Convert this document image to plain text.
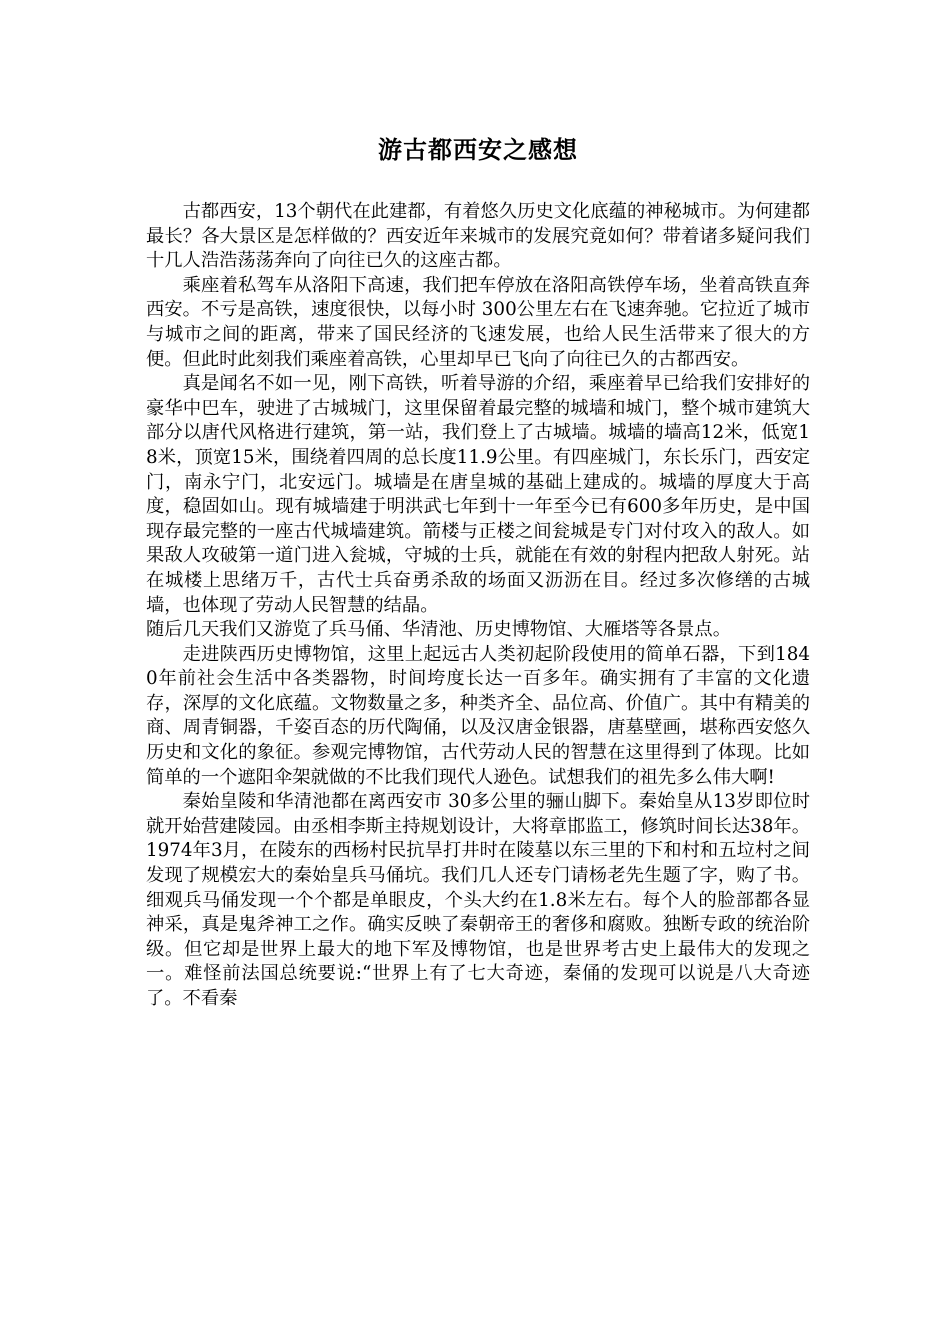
游古都西安之感想

古都西安，13个朝代在此建都，有着悠久历史文化底蕴的神秘城市。为何建都最长？各大景区是怎样做的？西安近年来城市的发展究竟如何？带着诸多疑问我们十几人浩浩荡荡奔向了向往已久的这座古都。

乘座着私驾车从洛阳下高速，我们把车停放在洛阳高铁停车场，坐着高铁直奔西安。不亏是高铁，速度很快，以每小时 300公里左右在飞速奔驰。它拉近了城市与城市之间的距离，带来了国民经济的飞速发展，也给人民生活带来了很大的方便。但此时此刻我们乘座着高铁，心里却早已飞向了向往已久的古都西安。

真是闻名不如一见，刚下高铁，听着导游的介绍，乘座着早已给我们安排好的豪华中巴车，驶进了古城城门，这里保留着最完整的城墙和城门，整个城市建筑大部分以唐代风格进行建筑，第一站，我们登上了古城墙。城墙的墙高12米，低宽18米，顶宽15米，围绕着四周的总长度11.9公里。有四座城门，东长乐门，西安定门，南永宁门，北安远门。城墙是在唐皇城的基础上建成的。城墙的厚度大于高度，稳固如山。现有城墙建于明洪武七年到十一年至今已有600多年历史，是中国现存最完整的一座古代城墙建筑。箭楼与正楼之间瓮城是专门对付攻入的敌人。如果敌人攻破第一道门进入瓮城，守城的士兵，就能在有效的射程内把敌人射死。站在城楼上思绪万千，古代士兵奋勇杀敌的场面又沥沥在目。经过多次修缮的古城墙，也体现了劳动人民智慧的结晶。

随后几天我们又游览了兵马俑、华清池、历史博物馆、大雁塔等各景点。

走进陕西历史博物馆，这里上起远古人类初起阶段使用的简单石器，下到1840年前社会生活中各类器物，时间垮度长达一百多年。确实拥有了丰富的文化遗存，深厚的文化底蕴。文物数量之多，种类齐全、品位高、价值广。其中有精美的商、周青铜器，千姿百态的历代陶俑，以及汉唐金银器，唐墓壁画，堪称西安悠久历史和文化的象征。参观完博物馆，古代劳动人民的智慧在这里得到了体现。比如简单的一个遮阳伞架就做的不比我们现代人逊色。试想我们的祖先多么伟大啊!

秦始皇陵和华清池都在离西安市 30多公里的骊山脚下。秦始皇从13岁即位时就开始营建陵园。由丞相李斯主持规划设计，大将章邯监工，修筑时间长达38年。1974年3月，在陵东的西杨村民抗旱打井时在陵墓以东三里的下和村和五垃村之间发现了规模宏大的秦始皇兵马俑坑。我们几人还专门请杨老先生题了字，购了书。细观兵马俑发现一个个都是单眼皮，个头大约在1.8米左右。每个人的脸部都各显神采，真是鬼斧神工之作。确实反映了秦朝帝王的奢侈和腐败。独断专政的统治阶级。但它却是世界上最大的地下军及博物馆，也是世界考古史上最伟大的发现之一。难怪前法国总统要说:“世界上有了七大奇迹，秦俑的发现可以说是八大奇迹了。不看秦
